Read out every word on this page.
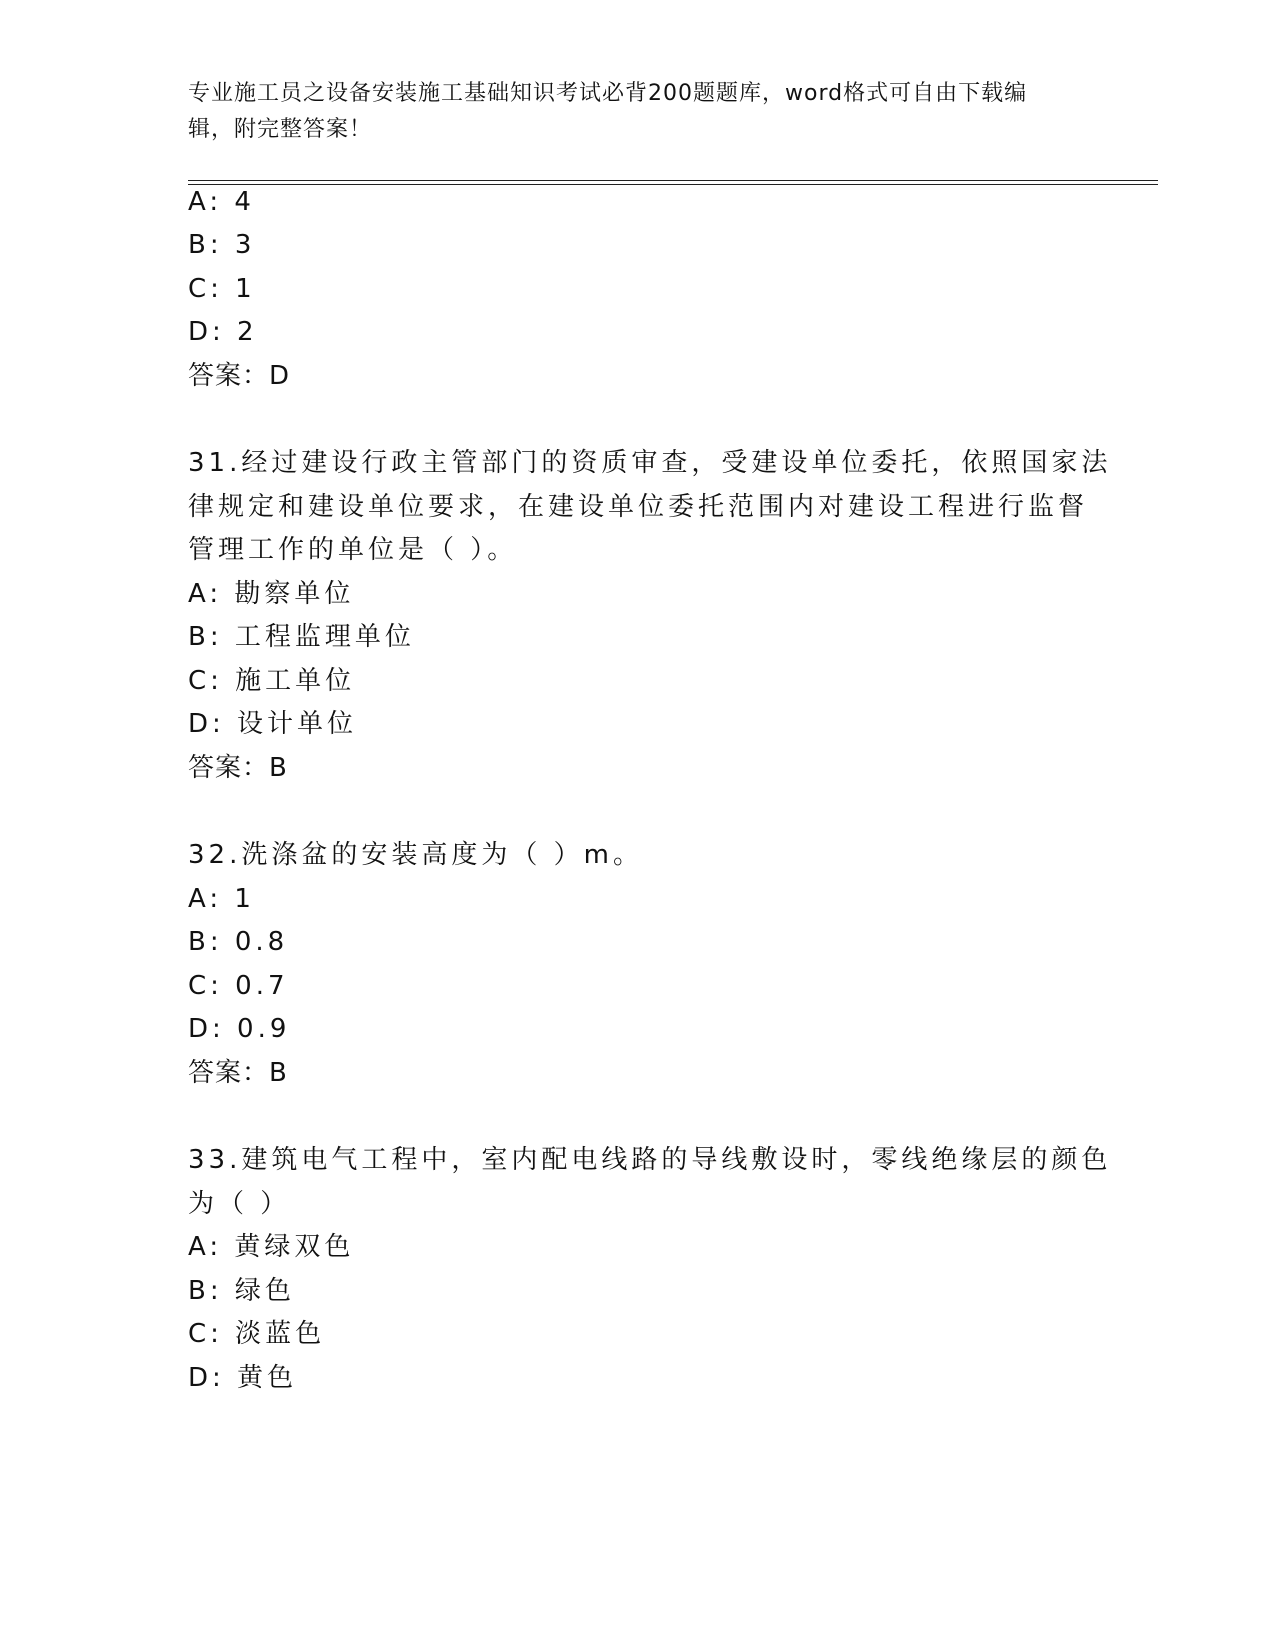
专业施工员之设备安装施工基础知识考试必背200题题库，word格式可自由下载编辑，附完整答案！
A: 4
B: 3
C: 1
D: 2
答案：D
31.经过建设行政主管部门的资质审查，受建设单位委托，依照国家法
律规定和建设单位要求，在建设单位委托范围内对建设工程进行监督
管理工作的单位是（ ）。
A: 勘察单位
B: 工程监理单位
C: 施工单位
D: 设计单位
答案：B
32.洗涤盆的安装高度为（ ）m。
A: 1
B: 0.8
C: 0.7
D: 0.9
答案：B
33.建筑电气工程中，室内配电线路的导线敷设时，零线绝缘层的颜色
为（ ）
A: 黄绿双色
B: 绿色
C: 淡蓝色
D: 黄色
